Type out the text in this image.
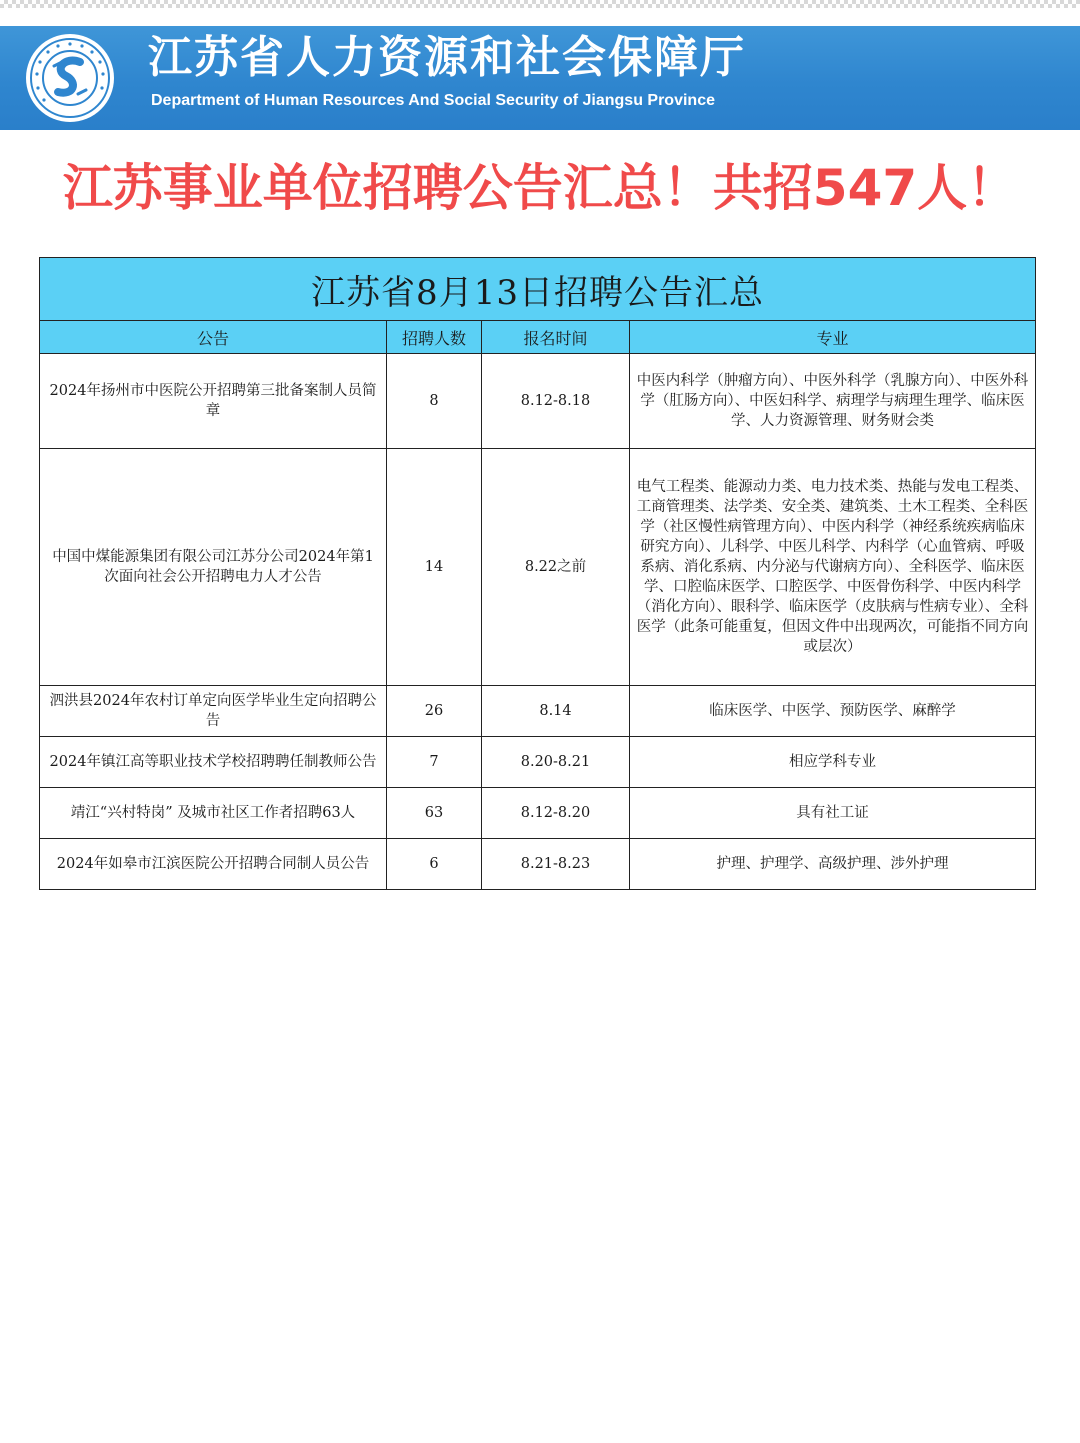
江苏省人力资源和社会保障厅
Department of Human Resources And Social Security of Jiangsu Province
江苏事业单位招聘公告汇总！共招547人！
江苏省8月13日招聘公告汇总			
公告	招聘人数	报名时间	专业
2024年扬州市中医院公开招聘第三批备案制人员简章	8	8.12-8.18	中医内科学（肿瘤方向）、中医外科学（乳腺方向）、中医外科学（肛肠方向）、中医妇科学、病理学与病理生理学、临床医学、人力资源管理、财务财会类
中国中煤能源集团有限公司江苏分公司2024年第1次面向社会公开招聘电力人才公告	14	8.22之前	电气工程类、能源动力类、电力技术类、热能与发电工程类、工商管理类、法学类、安全类、建筑类、土木工程类、全科医学（社区慢性病管理方向）、中医内科学（神经系统疾病临床研究方向）、儿科学、中医儿科学、内科学（心血管病、呼吸系病、消化系病、内分泌与代谢病方向）、全科医学、临床医学、口腔临床医学、口腔医学、中医骨伤科学、中医内科学（消化方向）、眼科学、临床医学（皮肤病与性病专业）、全科医学（此条可能重复，但因文件中出现两次，可能指不同方向或层次）
泗洪县2024年农村订单定向医学毕业生定向招聘公告	26	8.14	临床医学、中医学、预防医学、麻醉学
2024年镇江高等职业技术学校招聘聘任制教师公告	7	8.20-8.21	相应学科专业
靖江“兴村特岗” 及城市社区工作者招聘63人	63	8.12-8.20	具有社工证
2024年如皋市江滨医院公开招聘合同制人员公告	6	8.21-8.23	护理、护理学、高级护理、涉外护理
